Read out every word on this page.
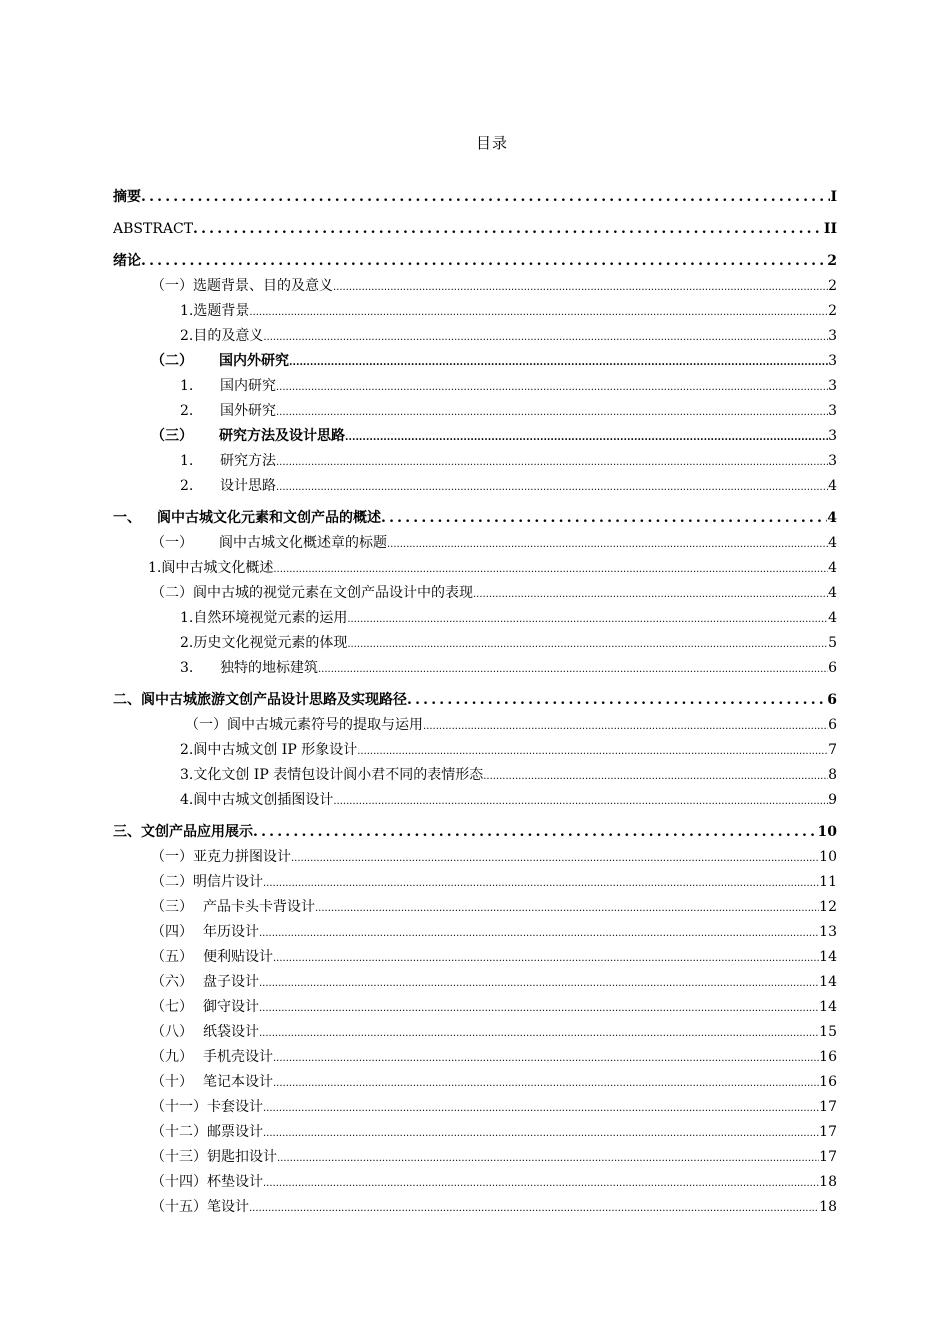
目录
摘要 .....	I
ABSTRACT .....	II
绪论 .....	2
（一）选题背景、目的及意义 .....	2
1.选题背景 .....	2
2.目的及意义 .....	3
（二） 国内外研究 .....	3
1. 国内研究 .....	3
2. 国外研究 .....	3
（三） 研究方法及设计思路 .....	3
1. 研究方法 .....	3
2. 设计思路 .....	4
一、 阆中古城文化元素和文创产品的概述 .....	4
（一） 阆中古城文化概述章的标题 .....	4
1.阆中古城文化概述 .....	4
（二）阆中古城的视觉元素在文创产品设计中的表现 .....	4
1.自然环境视觉元素的运用 .....	4
2.历史文化视觉元素的体现 .....	5
3. 独特的地标建筑 .....	6
二、阆中古城旅游文创产品设计思路及实现路径 .....	6
（一）阆中古城元素符号的提取与运用 .....	6
2.阆中古城文创 IP 形象设计 .....	7
3.文化文创 IP 表情包设计阆小君不同的表情形态 .....	8
4.阆中古城文创插图设计 .....	9
三、文创产品应用展示 .....	10
（一）亚克力拼图设计 .....	10
（二）明信片设计 .....	11
（三） 产品卡头卡背设计 .....	12
（四） 年历设计 .....	13
（五） 便利贴设计 .....	14
（六） 盘子设计 .....	14
（七） 御守设计 .....	14
（八） 纸袋设计 .....	15
（九） 手机壳设计 .....	16
（十） 笔记本设计 .....	16
（十一）卡套设计 .....	17
（十二）邮票设计 .....	17
（十三）钥匙扣设计 .....	17
（十四）杯垫设计 .....	18
（十五）笔设计 .....	18
